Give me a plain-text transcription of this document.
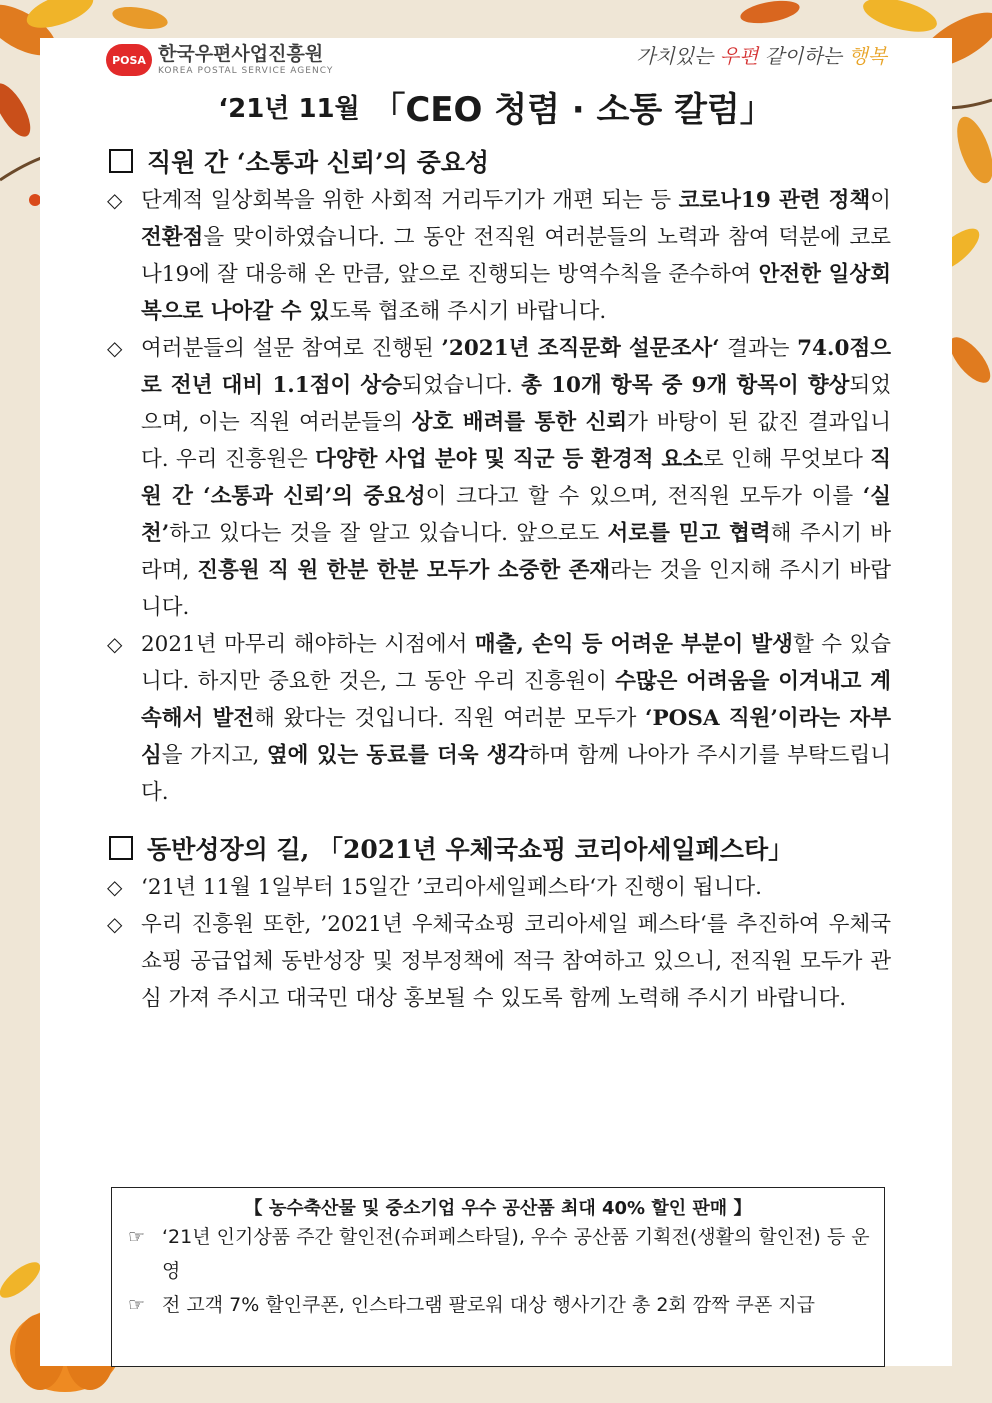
POSA 한국우편사업진흥원
KOREA POSTAL SERVICE AGENCY
가치있는 우편 같이하는 행복
‘21년 11월 「CEO 청렴 · 소통 칼럼」
직원 간 ‘소통과 신뢰’의 중요성
◇ 단계적 일상회복을 위한 사회적 거리두기가 개편 되는 등 코로나19 관련 정책이 전환점을 맞이하였습니다. 그 동안 전직원 여러분들의 노력과 참여 덕분에 코로나19에 잘 대응해 온 만큼, 앞으로 진행되는 방역수칙을 준수하여 안전한 일상회복으로 나아갈 수 있도록 협조해 주시기 바랍니다.
◇ 여러분들의 설문 참여로 진행된 ’2021년 조직문화 설문조사‘ 결과는 74.0점으로 전년 대비 1.1점이 상승되었습니다. 총 10개 항목 중 9개 항목이 향상되었으며, 이는 직원 여러분들의 상호 배려를 통한 신뢰가 바탕이 된 값진 결과입니다. 우리 진흥원은 다양한 사업 분야 및 직군 등 환경적 요소로 인해 무엇보다 직원 간 ‘소통과 신뢰’의 중요성이 크다고 할 수 있으며, 전직원 모두가 이를 ‘실천’하고 있다는 것을 잘 알고 있습니다. 앞으로도 서로를 믿고 협력해 주시기 바라며, 진흥원 직 원 한분 한분 모두가 소중한 존재라는 것을 인지해 주시기 바랍니다.
◇ 2021년 마무리 해야하는 시점에서 매출, 손익 등 어려운 부분이 발생할 수 있습니다. 하지만 중요한 것은, 그 동안 우리 진흥원이 수많은 어려움을 이겨내고 계속해서 발전해 왔다는 것입니다. 직원 여러분 모두가 ‘POSA 직원’이라는 자부심을 가지고, 옆에 있는 동료를 더욱 생각하며 함께 나아가 주시기를 부탁드립니다.
동반성장의 길, 「2021년 우체국쇼핑 코리아세일페스타」
◇ ‘21년 11월 1일부터 15일간 ’코리아세일페스타‘가 진행이 됩니다.
◇ 우리 진흥원 또한, ’2021년 우체국쇼핑 코리아세일 페스타‘를 추진하여 우체국쇼핑 공급업체 동반성장 및 정부정책에 적극 참여하고 있으니, 전직원 모두가 관심 가져 주시고 대국민 대상 홍보될 수 있도록 함께 노력해 주시기 바랍니다.
【 농수축산물 및 중소기업 우수 공산품 최대 40% 할인 판매 】
☞ ‘21년 인기상품 주간 할인전(슈퍼페스타딜), 우수 공산품 기획전(생활의 할인전) 등 운영
☞ 전 고객 7% 할인쿠폰, 인스타그램 팔로워 대상 행사기간 총 2회 깜짝 쿠폰 지급
